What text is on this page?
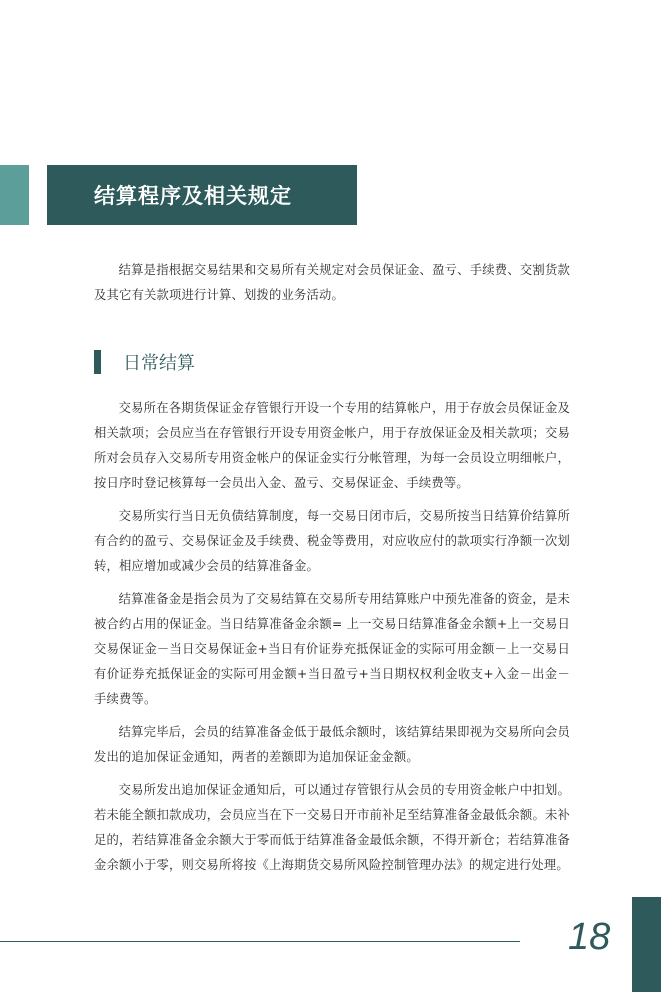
结算程序及相关规定

结算是指根据交易结果和交易所有关规定对会员保证金、盈亏、手续费、交割货款及其它有关款项进行计算、划拨的业务活动。

日常结算

交易所在各期货保证金存管银行开设一个专用的结算帐户，用于存放会员保证金及相关款项；会员应当在存管银行开设专用资金帐户，用于存放保证金及相关款项；交易所对会员存入交易所专用资金帐户的保证金实行分帐管理，为每一会员设立明细帐户，按日序时登记核算每一会员出入金、盈亏、交易保证金、手续费等。

交易所实行当日无负债结算制度，每一交易日闭市后，交易所按当日结算价结算所有合约的盈亏、交易保证金及手续费、税金等费用，对应收应付的款项实行净额一次划转，相应增加或减少会员的结算准备金。

结算准备金是指会员为了交易结算在交易所专用结算账户中预先准备的资金，是未被合约占用的保证金。当日结算准备金余额= 上一交易日结算准备金余额+上一交易日交易保证金－当日交易保证金+当日有价证券充抵保证金的实际可用金额－上一交易日有价证券充抵保证金的实际可用金额+当日盈亏+当日期权权利金收支+入金－出金－手续费等。

结算完毕后，会员的结算准备金低于最低余额时，该结算结果即视为交易所向会员发出的追加保证金通知，两者的差额即为追加保证金金额。

交易所发出追加保证金通知后，可以通过存管银行从会员的专用资金帐户中扣划。若未能全额扣款成功，会员应当在下一交易日开市前补足至结算准备金最低余额。未补足的，若结算准备金余额大于零而低于结算准备金最低余额，不得开新仓；若结算准备金余额小于零，则交易所将按《上海期货交易所风险控制管理办法》的规定进行处理。

18
